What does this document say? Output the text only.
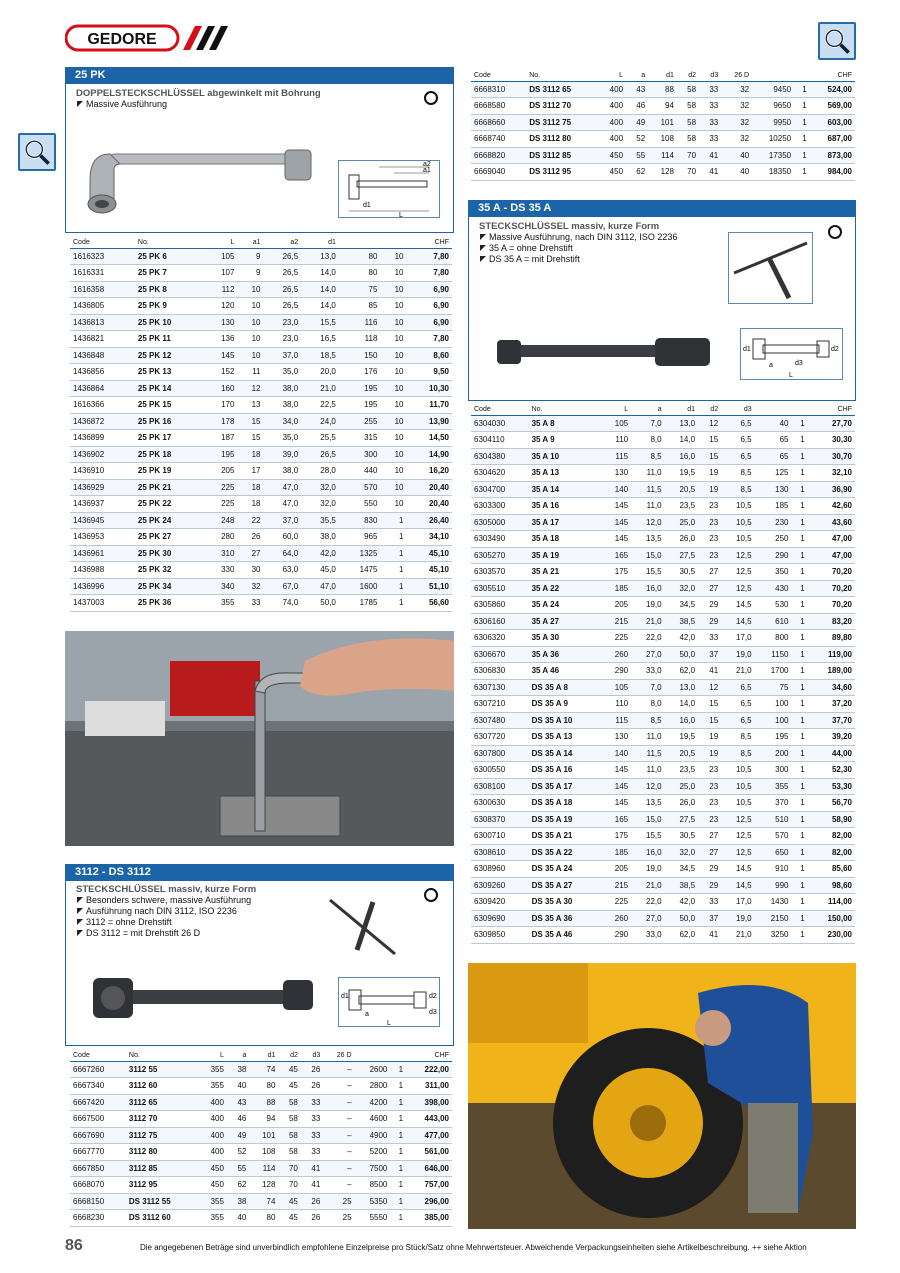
GEDORE
25 PK
DOPPELSTECKSCHLÜSSEL abgewinkelt mit Bohrung
Massive Ausführung
a2
a1
d1
L
Code	No.	L	a1	a2	d1			CHF
1616323	25 PK 6	105	9	26,5	13,0	80	10	7,80
1616331	25 PK 7	107	9	26,5	14,0	80	10	7,80
1616358	25 PK 8	112	10	26,5	14,0	75	10	6,90
1436805	25 PK 9	120	10	26,5	14,0	85	10	6,90
1436813	25 PK 10	130	10	23,0	15,5	116	10	6,90
1436821	25 PK 11	136	10	23,0	16,5	118	10	7,80
1436848	25 PK 12	145	10	37,0	18,5	150	10	8,60
1436856	25 PK 13	152	11	35,0	20,0	176	10	9,50
1436864	25 PK 14	160	12	38,0	21,0	195	10	10,30
1616366	25 PK 15	170	13	38,0	22,5	195	10	11,70
1436872	25 PK 16	178	15	34,0	24,0	255	10	13,90
1436899	25 PK 17	187	15	35,0	25,5	315	10	14,50
1436902	25 PK 18	195	18	39,0	26,5	300	10	14,90
1436910	25 PK 19	205	17	38,0	28,0	440	10	16,20
1436929	25 PK 21	225	18	47,0	32,0	570	10	20,40
1436937	25 PK 22	225	18	47,0	32,0	550	10	20,40
1436945	25 PK 24	248	22	37,0	35,5	830	1	26,40
1436953	25 PK 27	280	26	60,0	38,0	965	1	34,10
1436961	25 PK 30	310	27	64,0	42,0	1325	1	45,10
1436988	25 PK 32	330	30	63,0	45,0	1475	1	45,10
1436996	25 PK 34	340	32	67,0	47,0	1600	1	51,10
1437003	25 PK 36	355	33	74,0	50,0	1785	1	56,60
3112 - DS 3112
STECKSCHLÜSSEL massiv, kurze Form
Besonders schwere, massive Ausführung
Ausführung nach DIN 3112, ISO 2236
3112 = ohne Drehstift
DS 3112 = mit Drehstift 26 D
d1	d2
d3
a
L
Code	No.	L	a	d1	d2	d3	26 D			CHF
6667260	3112 55	355	38	74	45	26	–	2600	1	222,00
6667340	3112 60	355	40	80	45	26	–	2800	1	311,00
6667420	3112 65	400	43	88	58	33	–	4200	1	398,00
6667500	3112 70	400	46	94	58	33	–	4600	1	443,00
6667690	3112 75	400	49	101	58	33	–	4900	1	477,00
6667770	3112 80	400	52	108	58	33	–	5200	1	561,00
6667850	3112 85	450	55	114	70	41	–	7500	1	646,00
6668070	3112 95	450	62	128	70	41	–	8500	1	757,00
6668150	DS 3112 55	355	38	74	45	26	25	5350	1	296,00
6668230	DS 3112 60	355	40	80	45	26	25	5550	1	385,00
Code	No.	L	a	d1	d2	d3	26 D			CHF
6668310	DS 3112 65	400	43	88	58	33	32	9450	1	524,00
6668580	DS 3112 70	400	46	94	58	33	32	9650	1	569,00
6668660	DS 3112 75	400	49	101	58	33	32	9950	1	603,00
6668740	DS 3112 80	400	52	108	58	33	32	10250	1	687,00
6668820	DS 3112 85	450	55	114	70	41	40	17350	1	873,00
6669040	DS 3112 95	450	62	128	70	41	40	18350	1	984,00
35 A - DS 35 A
STECKSCHLÜSSEL massiv, kurze Form
Massive Ausführung, nach DIN 3112, ISO 2236
35 A = ohne Drehstift
DS 35 A = mit Drehstift
d1	d2
d3
a
L
Code	No.	L	a	d1	d2	d3			CHF
6304030	35 A 8	105	7,0	13,0	12	6,5	40	1	27,70
6304110	35 A 9	110	8,0	14,0	15	6,5	65	1	30,30
6304380	35 A 10	115	8,5	16,0	15	6,5	65	1	30,70
6304620	35 A 13	130	11,0	19,5	19	8,5	125	1	32,10
6304700	35 A 14	140	11,5	20,5	19	8,5	130	1	36,90
6303300	35 A 16	145	11,0	23,5	23	10,5	185	1	42,60
6305000	35 A 17	145	12,0	25,0	23	10,5	230	1	43,60
6303490	35 A 18	145	13,5	26,0	23	10,5	250	1	47,00
6305270	35 A 19	165	15,0	27,5	23	12,5	290	1	47,00
6303570	35 A 21	175	15,5	30,5	27	12,5	350	1	70,20
6305510	35 A 22	185	16,0	32,0	27	12,5	430	1	70,20
6305860	35 A 24	205	19,0	34,5	29	14,5	530	1	70,20
6306160	35 A 27	215	21,0	38,5	29	14,5	610	1	83,20
6306320	35 A 30	225	22,0	42,0	33	17,0	800	1	89,80
6306670	35 A 36	260	27,0	50,0	37	19,0	1150	1	119,00
6306830	35 A 46	290	33,0	62,0	41	21,0	1700	1	189,00
6307130	DS 35 A 8	105	7,0	13,0	12	6,5	75	1	34,60
6307210	DS 35 A 9	110	8,0	14,0	15	6,5	100	1	37,20
6307480	DS 35 A 10	115	8,5	16,0	15	6,5	100	1	37,70
6307720	DS 35 A 13	130	11,0	19,5	19	8,5	195	1	39,20
6307800	DS 35 A 14	140	11,5	20,5	19	8,5	200	1	44,00
6300550	DS 35 A 16	145	11,0	23,5	23	10,5	300	1	52,30
6308100	DS 35 A 17	145	12,0	25,0	23	10,5	355	1	53,30
6300630	DS 35 A 18	145	13,5	26,0	23	10,5	370	1	56,70
6308370	DS 35 A 19	165	15,0	27,5	23	12,5	510	1	58,90
6300710	DS 35 A 21	175	15,5	30,5	27	12,5	570	1	82,00
6308610	DS 35 A 22	185	16,0	32,0	27	12,5	650	1	82,00
6308960	DS 35 A 24	205	19,0	34,5	29	14,5	910	1	85,60
6309260	DS 35 A 27	215	21,0	38,5	29	14,5	990	1	98,60
6309420	DS 35 A 30	225	22,0	42,0	33	17,0	1430	1	114,00
6309690	DS 35 A 36	260	27,0	50,0	37	19,0	2150	1	150,00
6309850	DS 35 A 46	290	33,0	62,0	41	21,0	3250	1	230,00
86	Die angegebenen Beträge sind unverbindlich empfohlene Einzelpreise pro Stück/Satz ohne Mehrwertsteuer. Abweichende Verpackungseinheiten siehe Artikelbeschreibung. ++ siehe Aktion
